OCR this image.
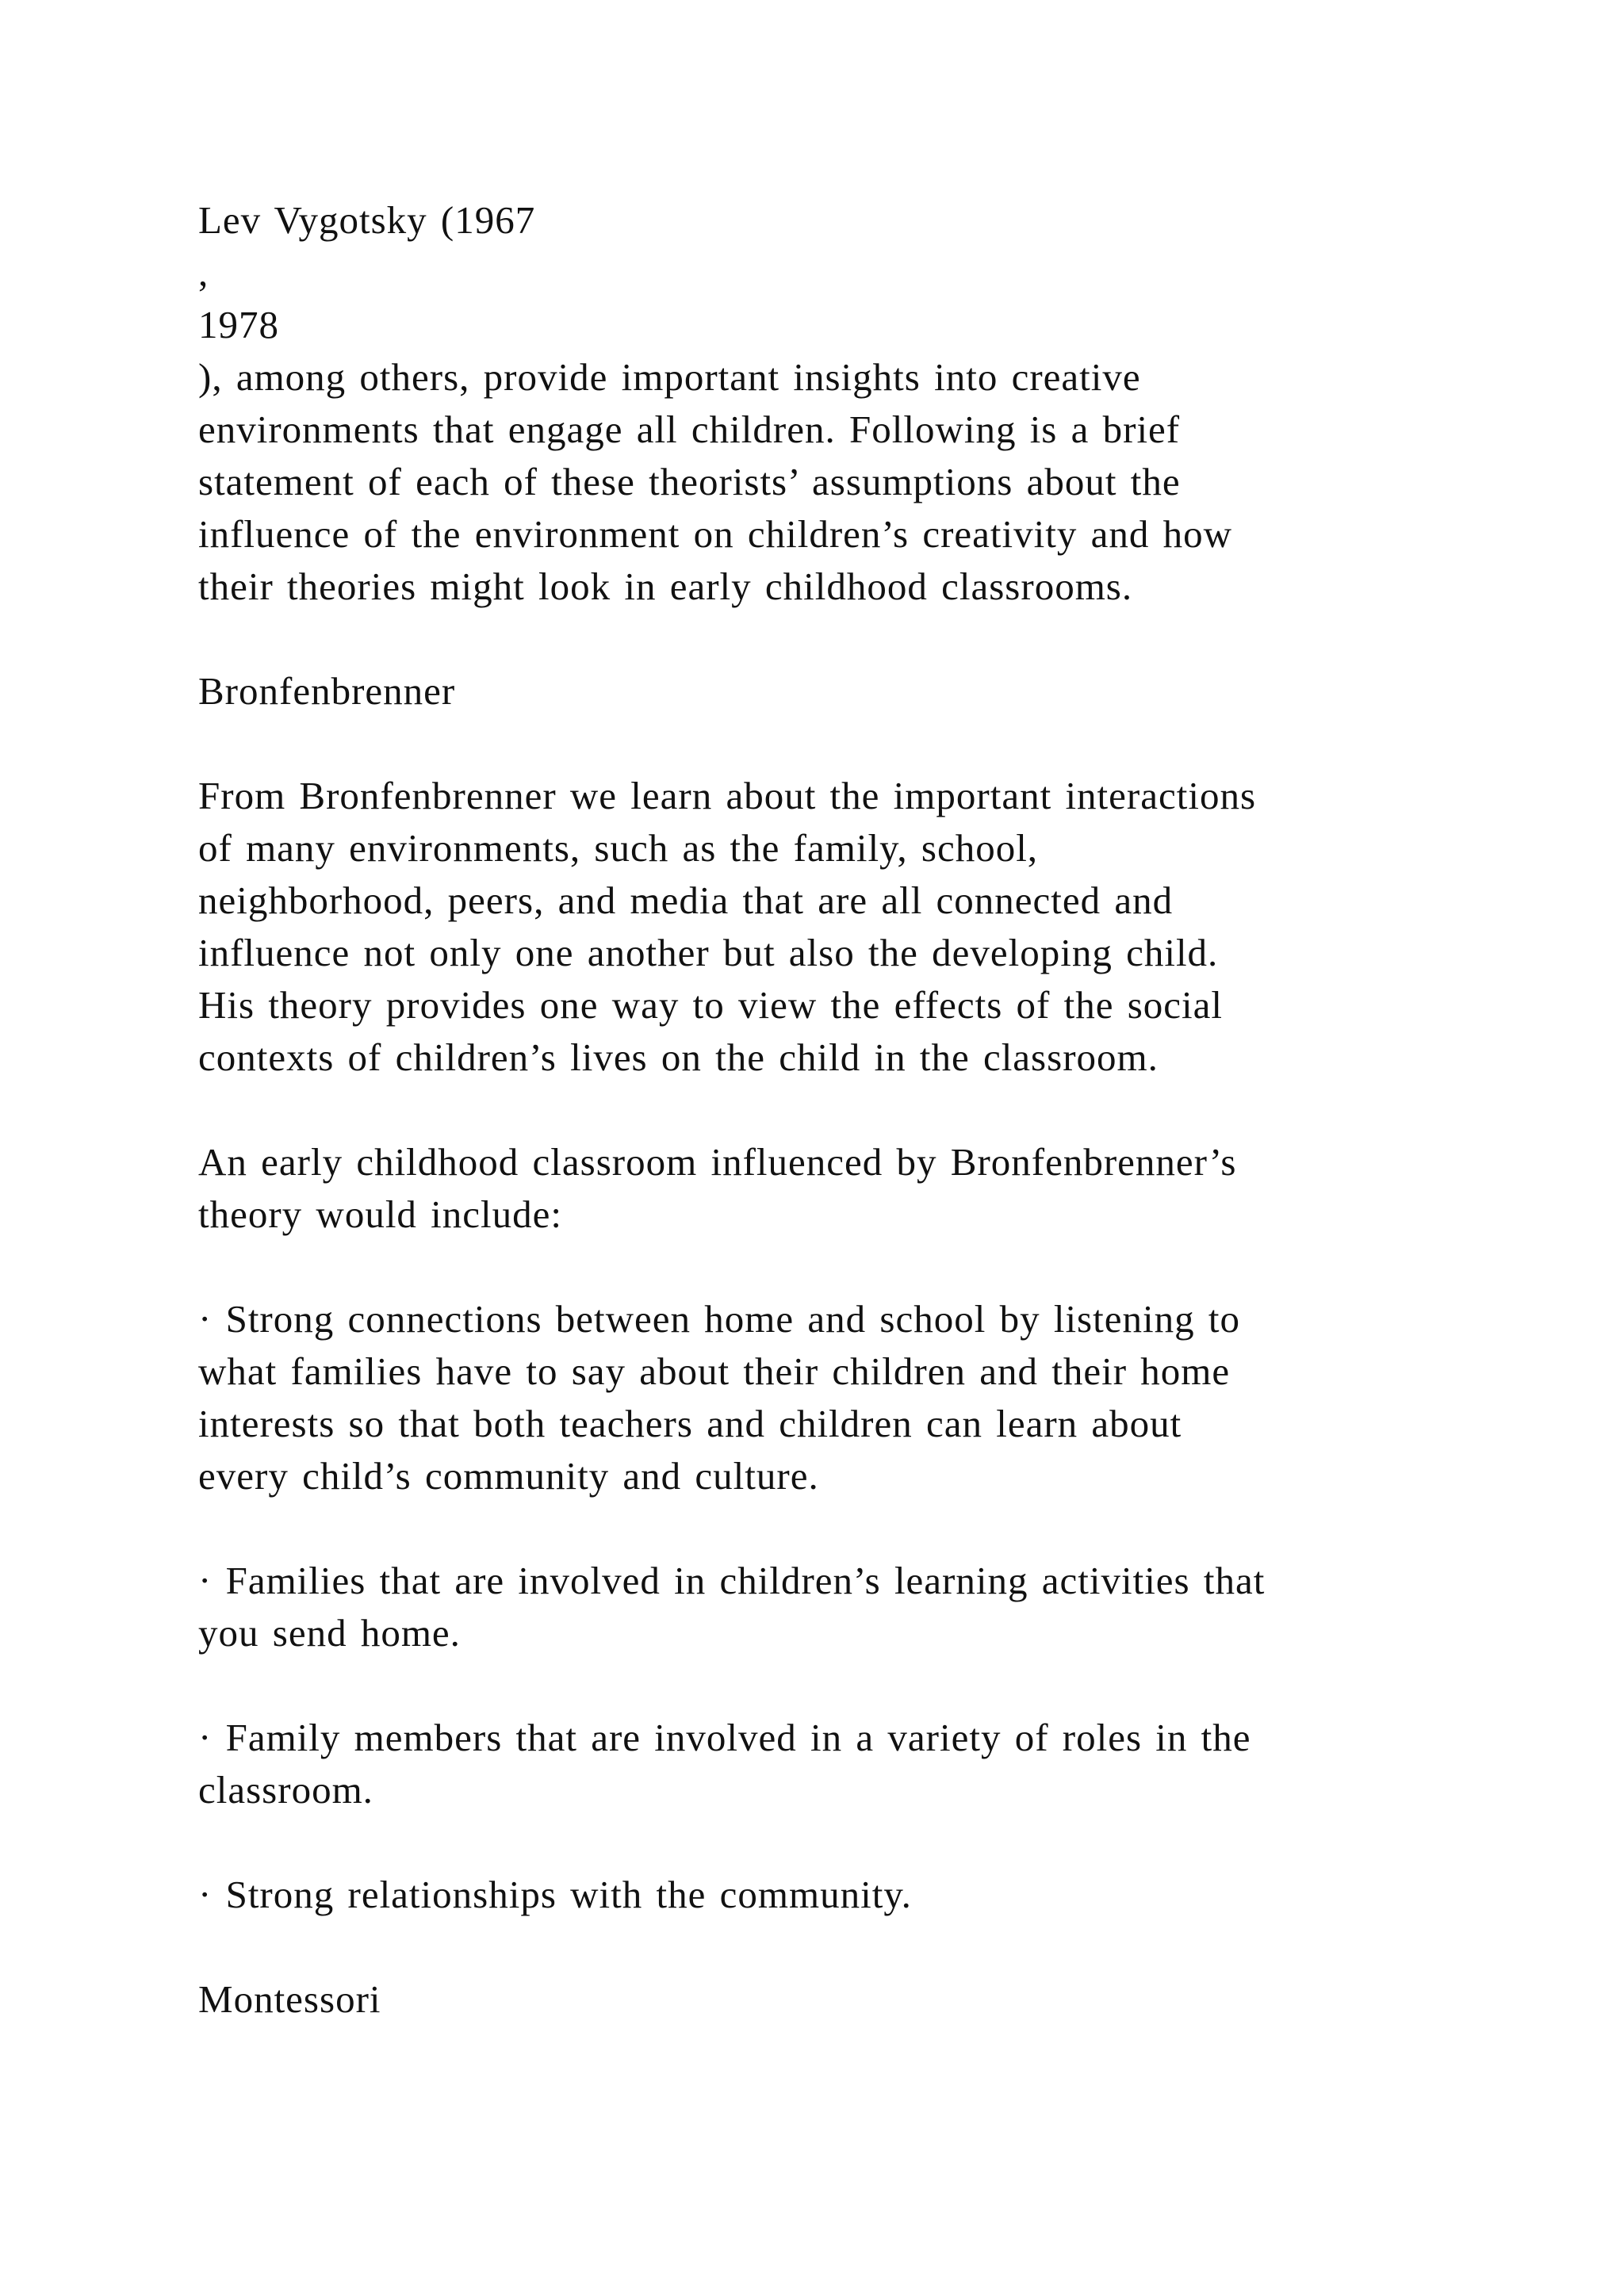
Lev Vygotsky (1967

,

1978

), among others, provide important insights into creative

environments that engage all children. Following is a brief

statement of each of these theorists’ assumptions about the

influence of the environment on children’s creativity and how

their theories might look in early childhood classrooms.

Bronfenbrenner

From Bronfenbrenner we learn about the important interactions

of many environments, such as the family, school,

neighborhood, peers, and media that are all connected and

influence not only one another but also the developing child.

His theory provides one way to view the effects of the social

contexts of children’s lives on the child in the classroom.

An early childhood classroom influenced by Bronfenbrenner’s

theory would include:

· Strong connections between home and school by listening to

what families have to say about their children and their home

interests so that both teachers and children can learn about

every child’s community and culture.

· Families that are involved in children’s learning activities that

you send home.

· Family members that are involved in a variety of roles in the

classroom.

· Strong relationships with the community.

Montessori
